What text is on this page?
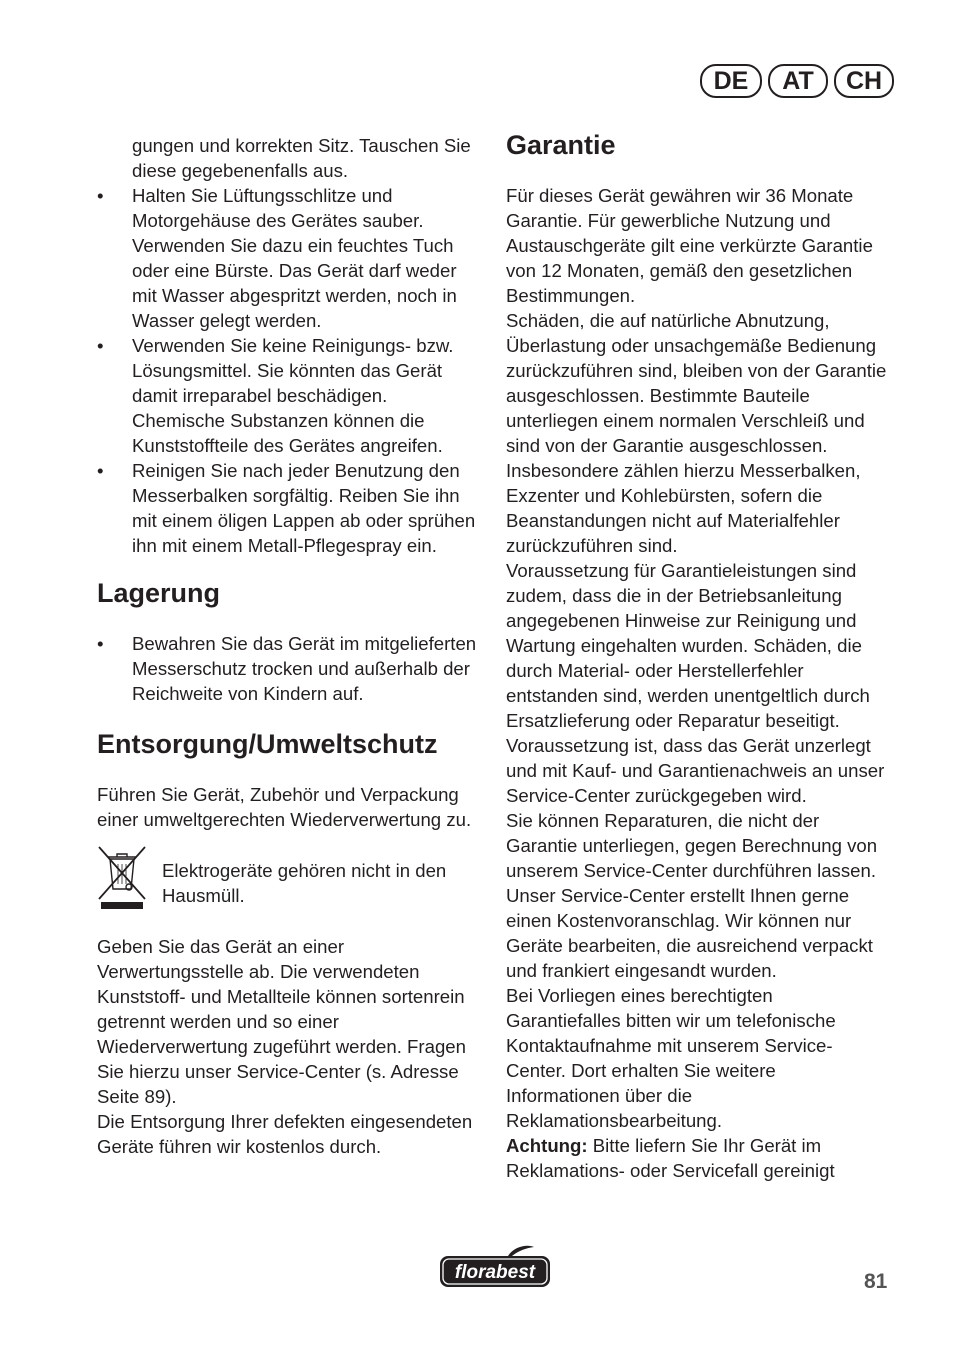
DE	AT	CH

gungen und korrekten Sitz. Tauschen Sie diese gegebenenfalls aus.

• Halten Sie Lüftungsschlitze und Motorgehäuse des Gerätes sauber. Verwenden Sie dazu ein feuchtes Tuch oder eine Bürste. Das Gerät darf weder mit Wasser abgespritzt werden, noch in Wasser gelegt werden.
• Verwenden Sie keine Reinigungs- bzw. Lösungsmittel. Sie könnten das Gerät damit irreparabel beschädigen. Chemische Substanzen können die Kunststoffteile des Gerätes angreifen.
• Reinigen Sie nach jeder Benutzung den Messerbalken sorgfältig. Reiben Sie ihn mit einem öligen Lappen ab oder sprühen ihn mit einem Metall-Pflegespray ein.
Lagerung
• Bewahren Sie das Gerät im mitgelieferten Messerschutz trocken und außerhalb der Reichweite von Kindern auf.
Entsorgung/Umweltschutz

Führen Sie Gerät, Zubehör und Verpackung einer umweltgerechten Wiederverwertung zu.

Elektrogeräte gehören nicht in den Hausmüll.

Geben Sie das Gerät an einer Verwertungsstelle ab. Die verwendeten Kunststoff- und Metallteile können sortenrein getrennt werden und so einer Wiederverwertung zugeführt werden. Fragen Sie hierzu unser Service-Center (s. Adresse Seite 89).

Die Entsorgung Ihrer defekten eingesendeten Geräte führen wir kostenlos durch.

Garantie

Für dieses Gerät gewähren wir 36 Monate Garantie. Für gewerbliche Nutzung und Austauschgeräte gilt eine verkürzte Garantie von 12 Monaten, gemäß den gesetzlichen Bestimmungen.

Schäden, die auf natürliche Abnutzung, Überlastung oder unsachgemäße Bedienung zurückzuführen sind, bleiben von der Garantie ausgeschlossen. Bestimmte Bauteile unterliegen einem normalen Verschleiß und sind von der Garantie ausgeschlossen. Insbesondere zählen hierzu Messerbalken, Exzenter und Kohlebürsten, sofern die Beanstandungen nicht auf Materialfehler zurückzuführen sind.

Voraussetzung für Garantieleistungen sind zudem, dass die in der Betriebsanleitung angegebenen Hinweise zur Reinigung und Wartung eingehalten wurden. Schäden, die durch Material- oder Herstellerfehler entstanden sind, werden unentgeltlich durch Ersatzlieferung oder Reparatur beseitigt.

Voraussetzung ist, dass das Gerät unzerlegt und mit Kauf- und Garantienachweis an unser Service-Center zurückgegeben wird.

Sie können Reparaturen, die nicht der Garantie unterliegen, gegen Berechnung von unserem Service-Center durchführen lassen. Unser Service-Center erstellt Ihnen gerne einen Kostenvoranschlag. Wir können nur Geräte bearbeiten, die ausreichend verpackt und frankiert eingesandt wurden.

Bei Vorliegen eines berechtigten Garantiefalles bitten wir um telefonische Kontaktaufnahme mit unserem Service-Center. Dort erhalten Sie weitere Informationen über die Reklamationsbearbeitung.

Achtung: Bitte liefern Sie Ihr Gerät im Reklamations- oder Servicefall gereinigt

florabest	81
